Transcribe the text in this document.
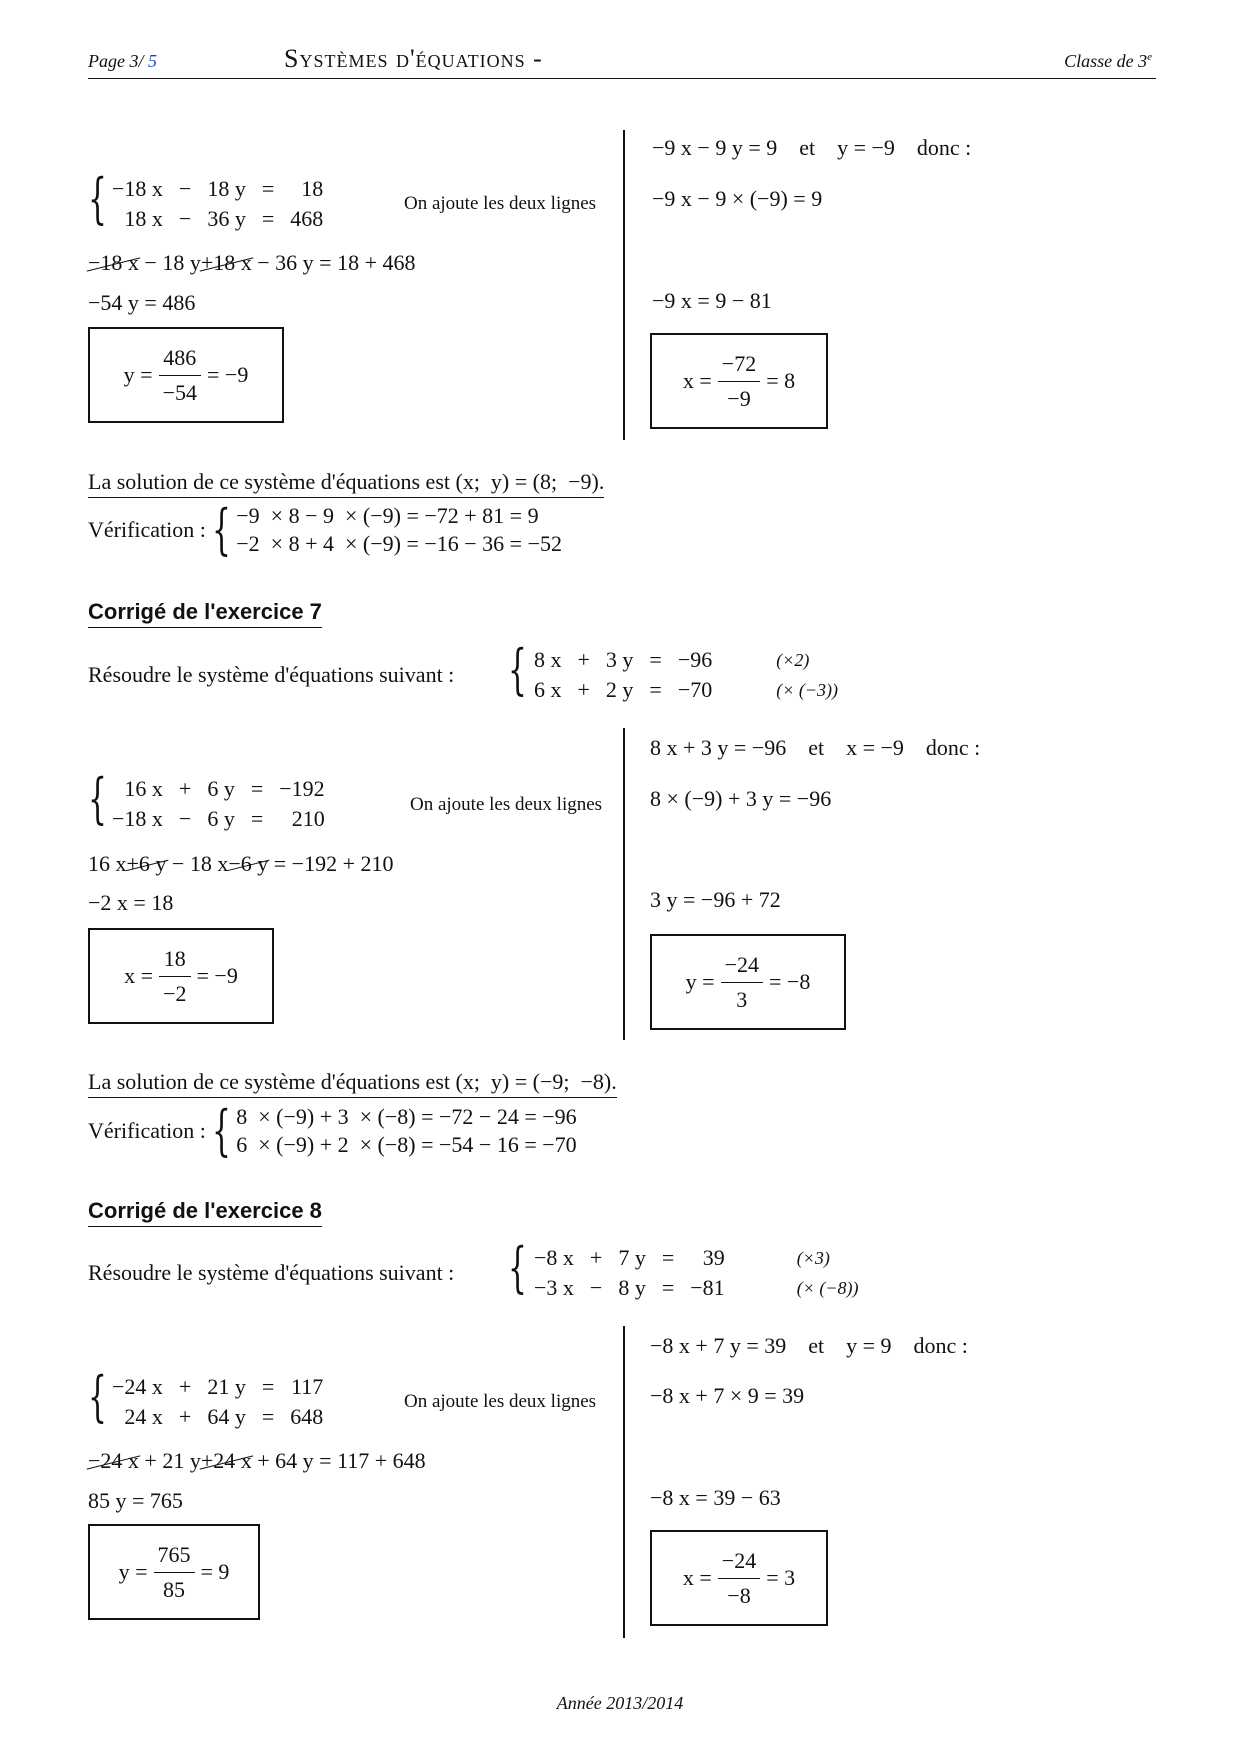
Page 3/ 5	Systèmes d'équations -	Classe de 3e
{ −18 x	−	18 y	=	18
18 x	−	36 y	=	468
On ajoute les deux lignes
−18 x − 18 y+18 x − 36 y = 18 + 468
−54 y = 486
$y = \frac{486}{-54} = -9$
−9 x − 9 y = 9    et    y = −9    donc :
−9 x − 9 × (−9) = 9
−9 x = 9 − 81
$x = \frac{-72}{-9} = 8$
La solution de ce système d'équations est (x;  y) = (8;  −9).
Vérification : { −9  × 8 − 9  × (−9) = −72 + 81 = 9
−2  × 8 + 4  × (−9) = −16 − 36 = −52
Corrigé de l'exercice 7
Résoudre le système d'équations suivant : { 8 x	+	3 y	=	−96	(×2)
6 x	+	2 y	=	−70	(× (−3))
{ 16 x	+	6 y	=	−192
−18 x	−	6 y	=	210
On ajoute les deux lignes
16 x+6 y − 18 x−6 y = −192 + 210
−2 x = 18
$x = \frac{18}{-2} = -9$
8 x + 3 y = −96    et    x = −9    donc :
8 × (−9) + 3 y = −96
3 y = −96 + 72
$y = \frac{-24}{3} = -8$
La solution de ce système d'équations est (x;  y) = (−9;  −8).
Vérification : { 8  × (−9) + 3  × (−8) = −72 − 24 = −96
6  × (−9) + 2  × (−8) = −54 − 16 = −70
Corrigé de l'exercice 8
Résoudre le système d'équations suivant : { −8 x	+	7 y	=	39	(×3)
−3 x	−	8 y	=	−81	(× (−8))
{ −24 x	+	21 y	=	117
24 x	+	64 y	=	648
On ajoute les deux lignes
−24 x + 21 y+24 x + 64 y = 117 + 648
85 y = 765
$y = \frac{765}{85} = 9$
−8 x + 7 y = 39    et    y = 9    donc :
−8 x + 7 × 9 = 39
−8 x = 39 − 63
$x = \frac{-24}{-8} = 3$
Année 2013/2014
